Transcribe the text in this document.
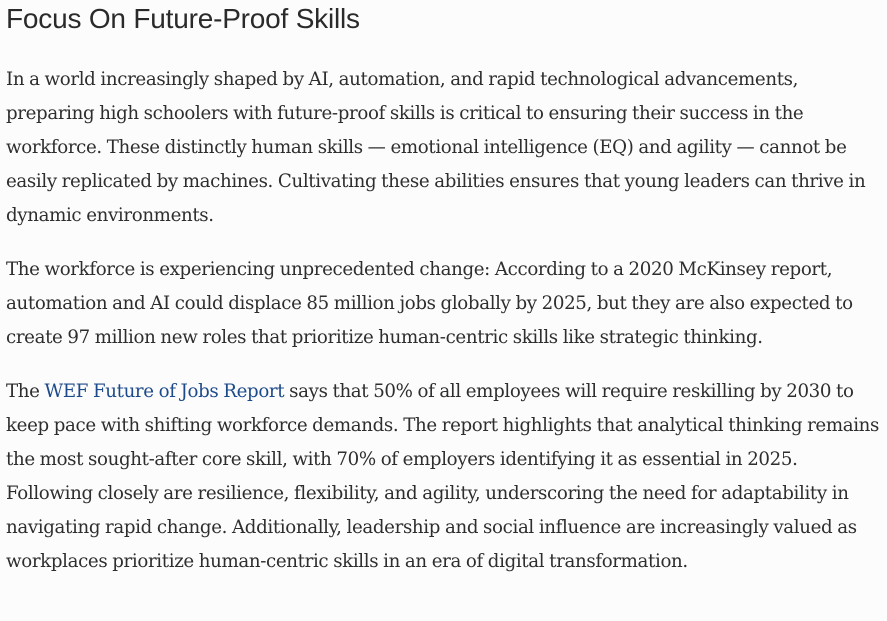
Focus On Future-Proof Skills

In a world increasingly shaped by AI, automation, and rapid technological advancements, preparing high schoolers with future-proof skills is critical to ensuring their success in the workforce. These distinctly human skills — emotional intelligence (EQ) and agility — cannot be easily replicated by machines. Cultivating these abilities ensures that young leaders can thrive in dynamic environments.

The workforce is experiencing unprecedented change: According to a 2020 McKinsey report, automation and AI could displace 85 million jobs globally by 2025, but they are also expected to create 97 million new roles that prioritize human-centric skills like strategic thinking.

The WEF Future of Jobs Report says that 50% of all employees will require reskilling by 2030 to keep pace with shifting workforce demands. The report highlights that analytical thinking remains the most sought-after core skill, with 70% of employers identifying it as essential in 2025. Following closely are resilience, flexibility, and agility, underscoring the need for adaptability in navigating rapid change. Additionally, leadership and social influence are increasingly valued as workplaces prioritize human-centric skills in an era of digital transformation.
